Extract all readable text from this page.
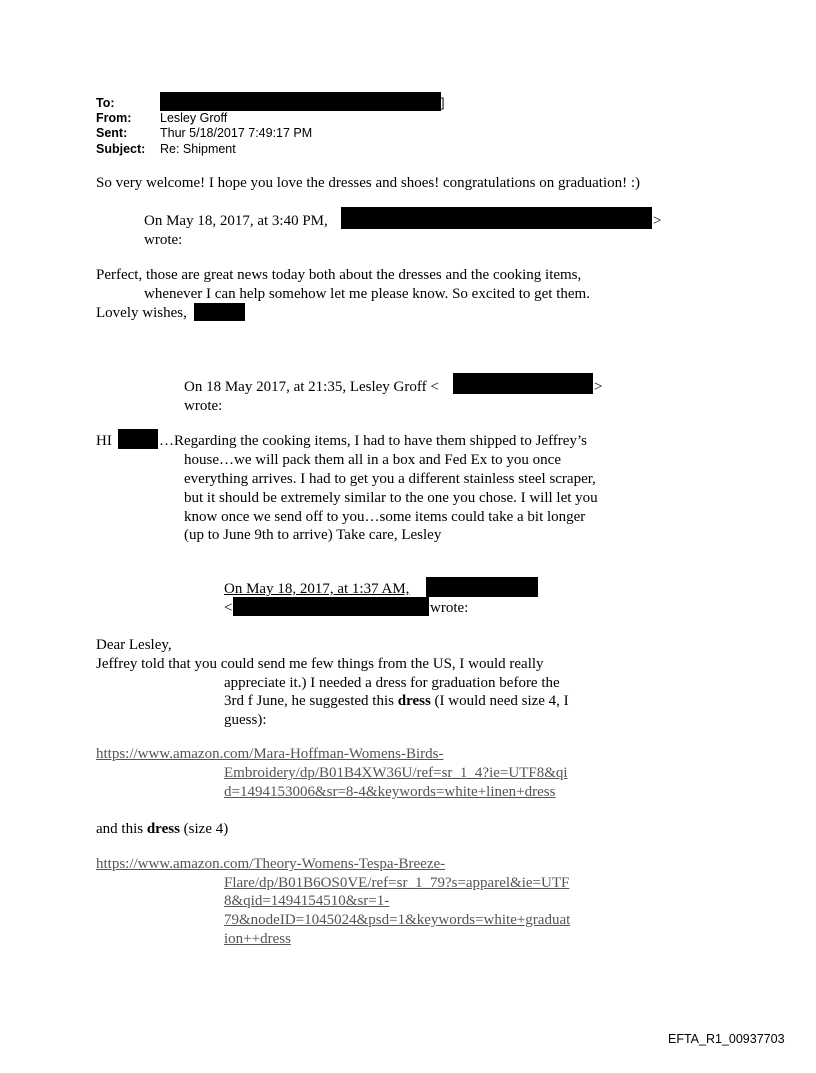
To:	]
From: Lesley Groff
Sent:	Thur 5/18/2017 7:49:17 PM
Subject: Re: Shipment
So very welcome! I hope you love the dresses and shoes! congratulations on graduation! :)
On May 18, 2017, at 3:40 PM,	>
wrote:
Perfect, those are great news today both about the dresses and the cooking items,
whenever I can help somehow let me please know. So excited to get them.
Lovely wishes,
On 18 May 2017, at 21:35, Lesley Groff <	>
wrote:
HI	…Regarding the cooking items, I had to have them shipped to Jeffrey’s
house…we will pack them all in a box and Fed Ex to you once
everything arrives. I had to get you a different stainless steel scraper,
but it should be extremely similar to the one you chose. I will let you
know once we send off to you…some items could take a bit longer
(up to June 9th to arrive) Take care, Lesley
On May 18, 2017, at 1:37 AM,
<	wrote:
Dear Lesley,
Jeffrey told that you could send me few things from the US, I would really
appreciate it.) I needed a dress for graduation before the
3rd f June, he suggested this dress (I would need size 4, I
guess):
https://www.amazon.com/Mara-Hoffman-Womens-Birds-
Embroidery/dp/B01B4XW36U/ref=sr_1_4?ie=UTF8&qi
d=1494153006&sr=8-4&keywords=white+linen+dress
and this dress (size 4)
https://www.amazon.com/Theory-Womens-Tespa-Breeze-
Flare/dp/B01B6OS0VE/ref=sr_1_79?s=apparel&ie=UTF
8&qid=1494154510&sr=1-
79&nodeID=1045024&psd=1&keywords=white+graduat
ion++dress
EFTA_R1_00937703
